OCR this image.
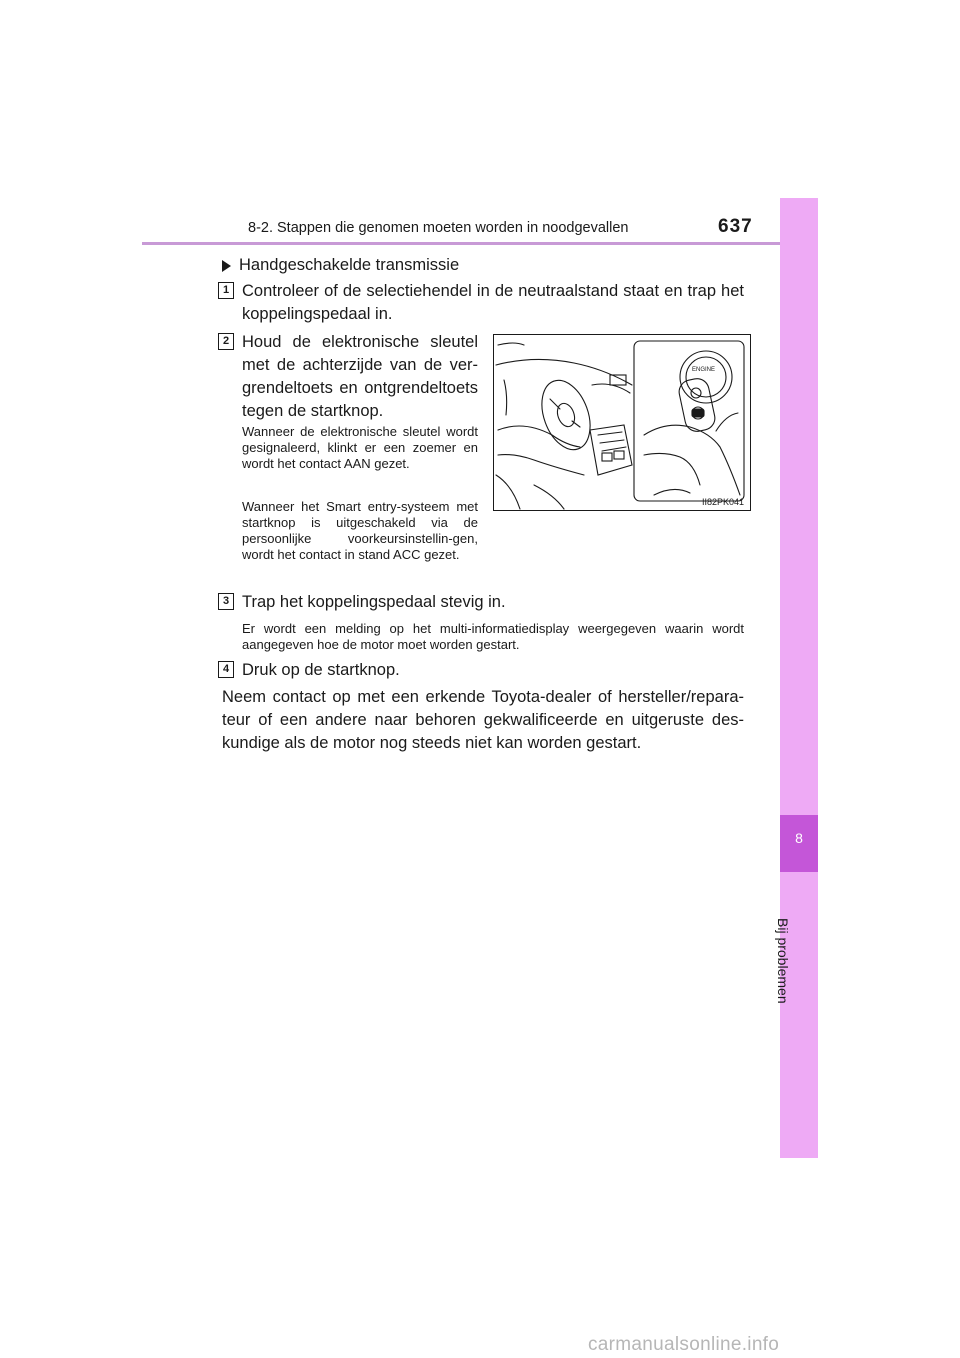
8-2. Stappen die genomen moeten worden in noodgevallen	637
8
Bij problemen
Handgeschakelde transmissie
1 Controleer of de selectiehendel in de neutraalstand staat en trap het koppelingspedaal in.
2 Houd de elektronische sleutel met de achterzijde van de ver-grendeltoets en ontgrendeltoets tegen de startknop.
Wanneer de elektronische sleutel wordt gesignaleerd, klinkt er een zoemer en wordt het contact AAN gezet.
Wanneer het Smart entry-systeem met startknop is uitgeschakeld via de persoonlijke voorkeursinstellin-gen, wordt het contact in stand ACC gezet.
ENGINE
II82PK041
3 Trap het koppelingspedaal stevig in.
Er wordt een melding op het multi-informatiedisplay weergegeven waarin wordt aangegeven hoe de motor moet worden gestart.
4 Druk op de startknop.
Neem contact op met een erkende Toyota-dealer of hersteller/repara-teur of een andere naar behoren gekwalificeerde en uitgeruste des-kundige als de motor nog steeds niet kan worden gestart.
carmanualsonline.info
